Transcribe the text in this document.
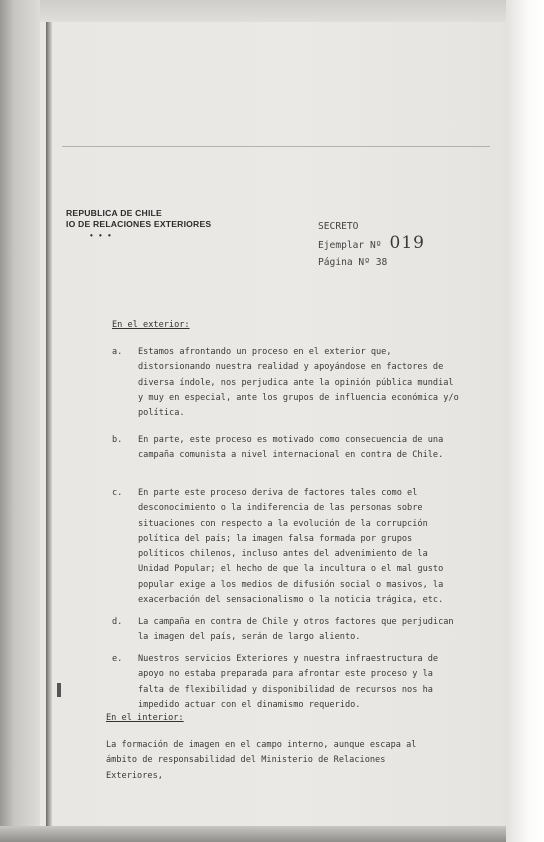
REPUBLICA DE CHILE
IO DE RELACIONES EXTERIORES
• • •
SECRETO
Ejemplar Nº 019
Página Nº 38
En el exterior:
a.	Estamos afrontando un proceso en el exterior que, distorsionando nuestra realidad y apoyándose en factores de diversa índole, nos perjudica ante la opinión pública mundial y muy en especial, ante los grupos de influencia económica y/o política.
b.	En parte, este proceso es motivado como consecuencia de una campaña comunista a nivel internacional en contra de Chile.
c.	En parte este proceso deriva de factores tales como el desconocimiento o la indiferencia de las personas sobre situaciones con respecto a la evolución de la corrupción política del país; la imagen falsa formada por grupos políticos chilenos, incluso antes del advenimiento de la Unidad Popular; el hecho de que la incultura o el mal gusto popular exige a los medios de difusión social o masivos, la exacerbación del sensacionalismo o la noticia trágica, etc.
d.	La campaña en contra de Chile y otros factores que perjudican la imagen del país, serán de largo aliento.
e.	Nuestros servicios Exteriores y nuestra infraestructura de apoyo no estaba preparada para afrontar este proceso y la falta de flexibilidad y disponibilidad de recursos nos ha impedido actuar con el dinamismo requerido.
En el interior:
La formación de imagen en el campo interno, aunque escapa al ámbito de responsabilidad del Ministerio de Relaciones Exteriores,
